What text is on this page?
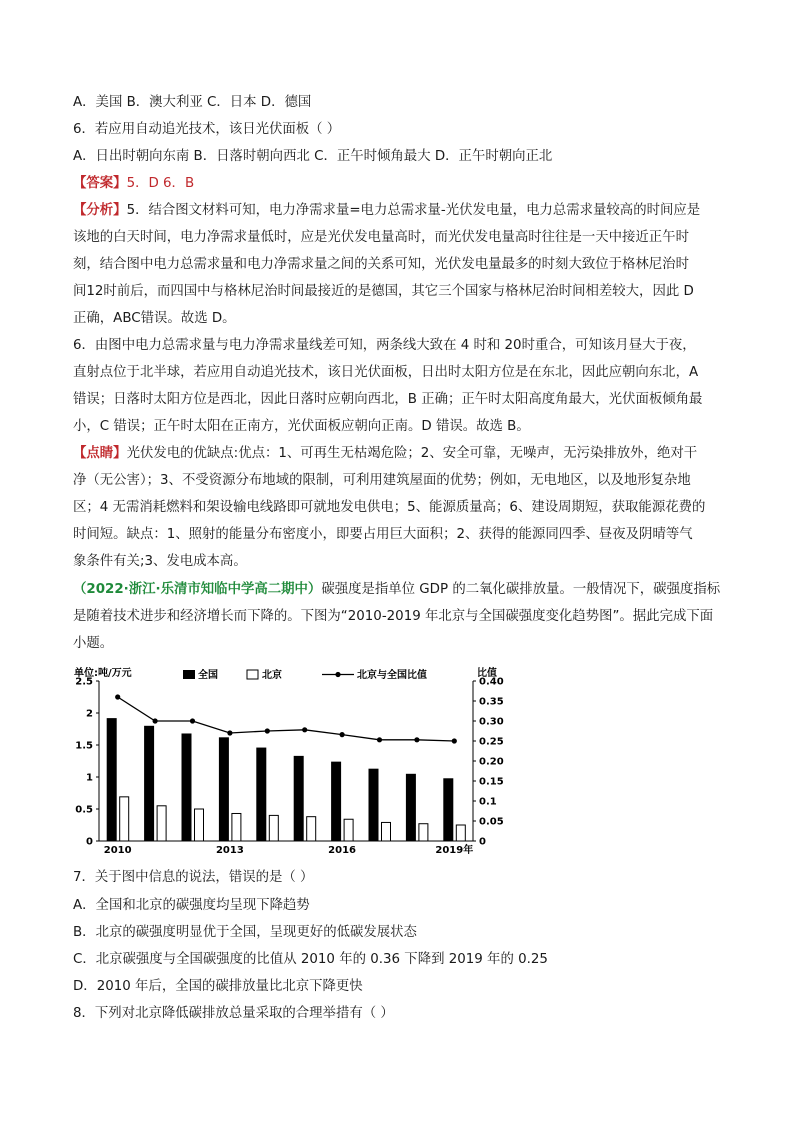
A．美国 B．澳大利亚 C．日本 D．德国
6．若应用自动追光技术，该日光伏面板（ ）
A．日出时朝向东南 B．日落时朝向西北 C．正午时倾角最大 D．正午时朝向正北
【答案】5．D 6．B
【分析】5．结合图文材料可知，电力净需求量=电力总需求量-光伏发电量，电力总需求量较高的时间应是
该地的白天时间，电力净需求量低时，应是光伏发电量高时，而光伏发电量高时往往是一天中接近正午时
刻，结合图中电力总需求量和电力净需求量之间的关系可知，光伏发电量最多的时刻大致位于格林尼治时
间12时前后，而四国中与格林尼治时间最接近的是德国，其它三个国家与格林尼治时间相差较大，因此 D
正确，ABC错误。故选 D。
6．由图中电力总需求量与电力净需求量线差可知，两条线大致在 4 时和 20时重合，可知该月昼大于夜，
直射点位于北半球，若应用自动追光技术，该日光伏面板，日出时太阳方位是在东北，因此应朝向东北，A
错误；日落时太阳方位是西北，因此日落时应朝向西北，B 正确；正午时太阳高度角最大，光伏面板倾角最
小，C 错误；正午时太阳在正南方，光伏面板应朝向正南。D 错误。故选 B。
【点睛】光伏发电的优缺点:优点：1、可再生无枯竭危险；2、安全可靠，无噪声，无污染排放外，绝对干
净（无公害）；3、不受资源分布地域的限制，可利用建筑屋面的优势；例如，无电地区，以及地形复杂地
区；4 无需消耗燃料和架设输电线路即可就地发电供电；5、能源质量高；6、建设周期短，获取能源花费的
时间短。缺点：1、照射的能量分布密度小，即要占用巨大面积；2、获得的能源同四季、昼夜及阴晴等气
象条件有关;3、发电成本高。
（2022·浙江·乐清市知临中学高二期中）碳强度是指单位 GDP 的二氧化碳排放量。一般情况下，碳强度指标
是随着技术进步和经济增长而下降的。下图为“2010-2019 年北京与全国碳强度变化趋势图”。据此完成下面
小题。
7．关于图中信息的说法，错误的是（ ）
A．全国和北京的碳强度均呈现下降趋势
B．北京的碳强度明显优于全国，呈现更好的低碳发展状态
C．北京碳强度与全国碳强度的比值从 2010 年的 0.36 下降到 2019 年的 0.25
D．2010 年后，全国的碳排放量比北京下降更快
8．下列对北京降低碳排放总量采取的合理举措有（ ）
2.5
2
1.5
1
0.5
0
0.40
0.35
0.30
0.25
0.20
0.15
0.1
0.05
0
单位:吨/万元	比值
2010	2013	2016	2019年
全国	北京	北京与全国比值
